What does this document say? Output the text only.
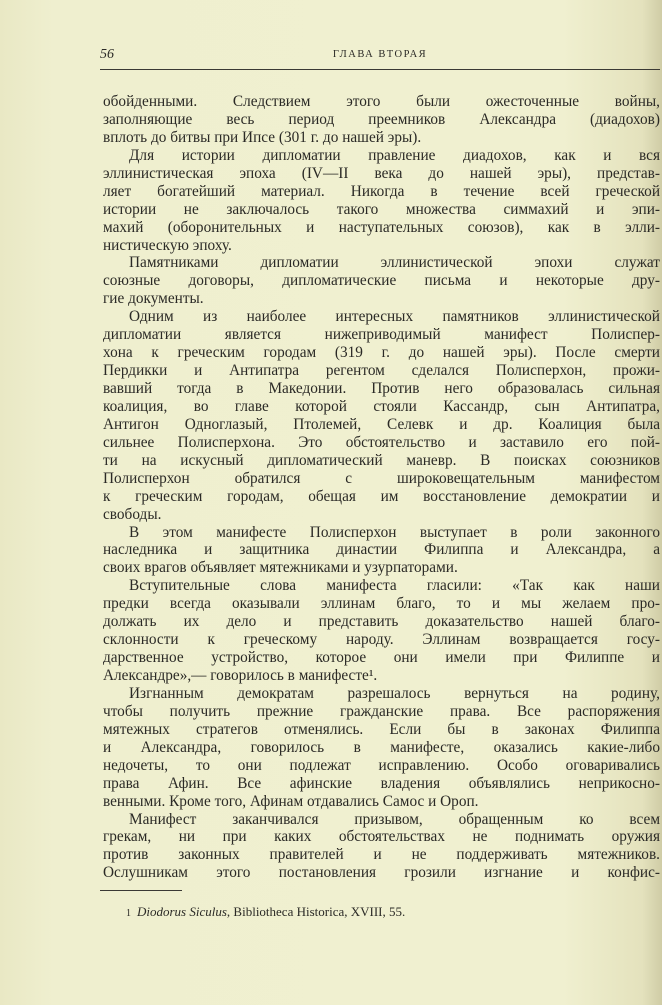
56	ГЛАВА ВТОРАЯ
обойденными. Следствием этого были ожесточенные войны,
заполняющие весь период преемников Александра (диадохов)
вплоть до битвы при Ипсе (301 г. до нашей эры).
Для истории дипломатии правление диадохов, как и вся
эллинистическая эпоха (IV—II века до нашей эры), представ-
ляет богатейший материал. Никогда в течение всей греческой
истории не заключалось такого множества симмахий и эпи-
махий (оборонительных и наступательных союзов), как в элли-
нистическую эпоху.
Памятниками дипломатии эллинистической эпохи служат
союзные договоры, дипломатические письма и некоторые дру-
гие документы.
Одним из наиболее интересных памятников эллинистической
дипломатии является нижеприводимый манифест Полиспер-
хона к греческим городам (319 г. до нашей эры). После смерти
Пердикки и Антипатра регентом сделался Полисперхон, прожи-
вавший тогда в Македонии. Против него образовалась сильная
коалиция, во главе которой стояли Кассандр, сын Антипатра,
Антигон Одноглазый, Птолемей, Селевк и др. Коалиция была
сильнее Полисперхона. Это обстоятельство и заставило его пой-
ти на искусный дипломатический маневр. В поисках союзников
Полисперхон обратился с широковещательным манифестом
к греческим городам, обещая им восстановление демократии и
свободы.
В этом манифесте Полисперхон выступает в роли законного
наследника и защитника династии Филиппа и Александра, а
своих врагов объявляет мятежниками и узурпаторами.
Вступительные слова манифеста гласили: «Так как наши
предки всегда оказывали эллинам благо, то и мы желаем про-
должать их дело и представить доказательство нашей благо-
склонности к греческому народу. Эллинам возвращается госу-
дарственное устройство, которое они имели при Филиппе и
Александре»,— говорилось в манифесте¹.
Изгнанным демократам разрешалось вернуться на родину,
чтобы получить прежние гражданские права. Все распоряжения
мятежных стратегов отменялись. Если бы в законах Филиппа
и Александра, говорилось в манифесте, оказались какие-либо
недочеты, то они подлежат исправлению. Особо оговаривались
права Афин. Все афинские владения объявлялись неприкосно-
венными. Кроме того, Афинам отдавались Самос и Ороп.
Манифест заканчивался призывом, обращенным ко всем
грекам, ни при каких обстоятельствах не поднимать оружия
против законных правителей и не поддерживать мятежников.
Ослушникам этого постановления грозили изгнание и конфис-
1 Diodorus Siculus, Bibliotheca Historica, XVIII, 55.
